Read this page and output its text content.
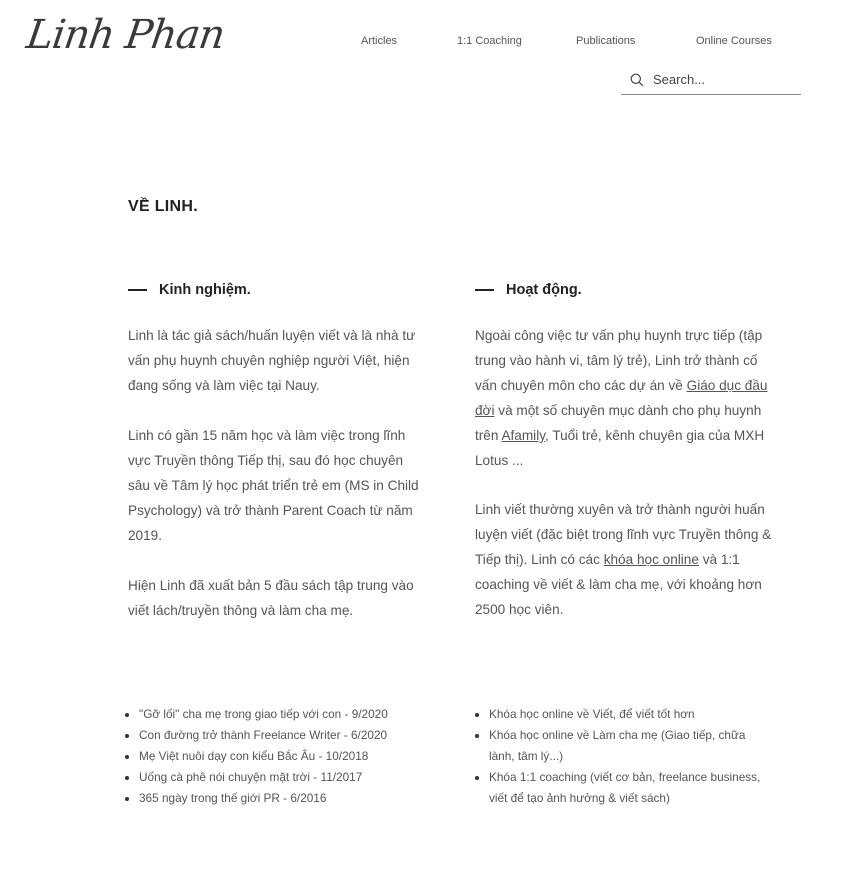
Linh Phan	Articles	1:1 Coaching	Publications	Online Courses
Search...
VỀ LINH.
Kinh nghiệm.

Linh là tác giả sách/huấn luyện viết và là nhà tư vấn phụ huynh chuyên nghiệp người Việt, hiện đang sống và làm việc tại Nauy.

Linh có gần 15 năm học và làm việc trong lĩnh vực Truyền thông Tiếp thị, sau đó học chuyên sâu về Tâm lý học phát triển trẻ em (MS in Child Psychology) và trở thành Parent Coach từ năm 2019.

Hiện Linh đã xuất bản 5 đầu sách tập trung vào viết lách/truyền thông và làm cha mẹ.

Hoạt động.

Ngoài công việc tư vấn phụ huynh trực tiếp (tập trung vào hành vi, tâm lý trẻ), Linh trở thành cố vấn chuyên môn cho các dự án về Giáo dục đầu đời và một số chuyên mục dành cho phụ huynh trên Afamily, Tuổi trẻ, kênh chuyên gia của MXH Lotus ...

Linh viết thường xuyên và trở thành người huấn luyện viết (đặc biệt trong lĩnh vực Truyền thông & Tiếp thị). Linh có các khóa học online và 1:1 coaching về viết & làm cha mẹ, với khoảng hơn 2500 học viên.

"Gỡ lối" cha mẹ trong giao tiếp với con - 9/2020
Con đường trở thành Freelance Writer - 6/2020
Mẹ Việt nuôi dạy con kiểu Bắc Âu - 10/2018
Uống cà phê nói chuyện mặt trời - 11/2017
365 ngày trong thế giới PR - 6/2016
Khóa học online về Viết, để viết tốt hơn
Khóa học online về Làm cha mẹ (Giao tiếp, chữa lành, tâm lý...)
Khóa 1:1 coaching (viết cơ bản, freelance business, viết để tạo ảnh hưởng & viết sách)
